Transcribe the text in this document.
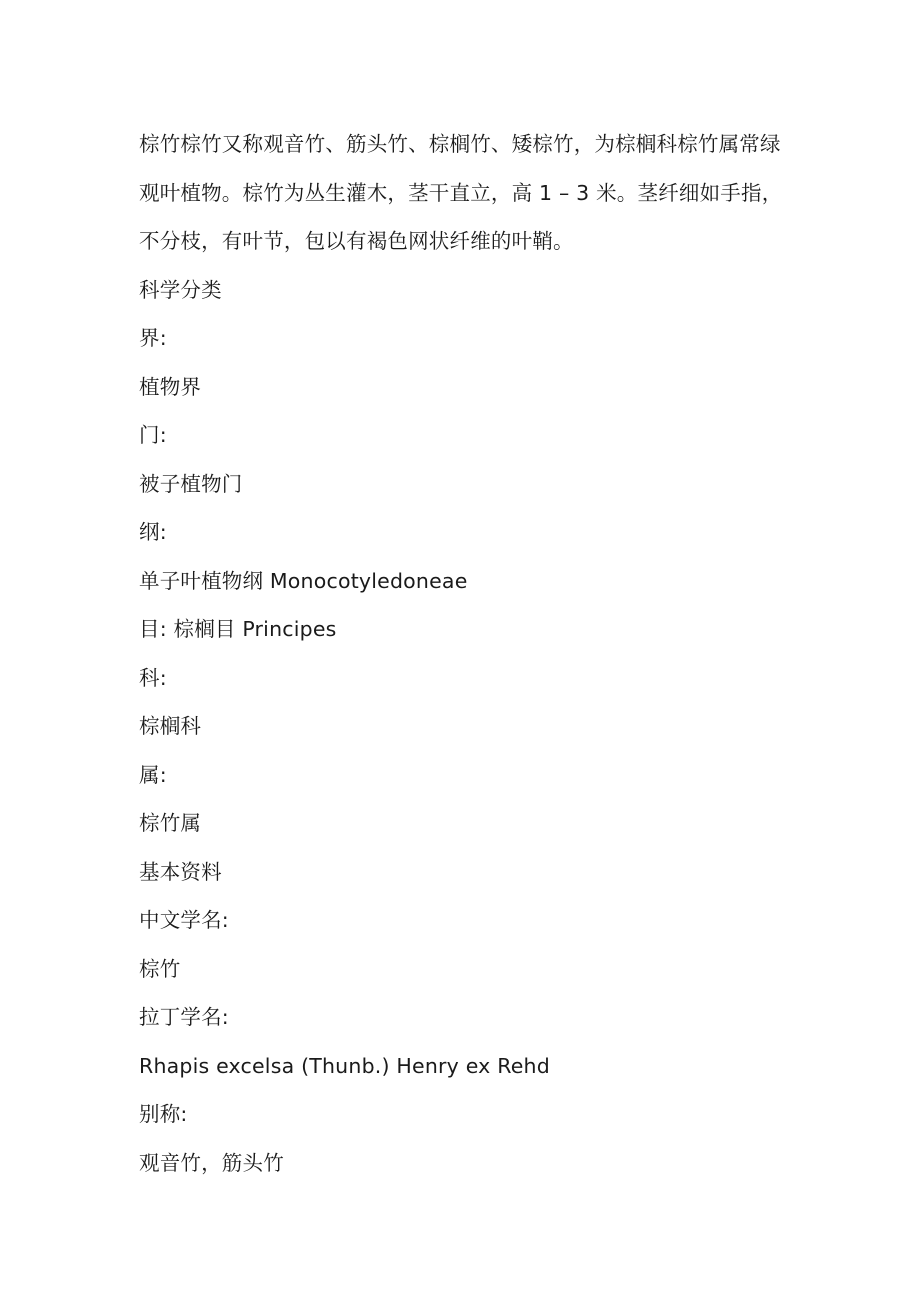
棕竹棕竹又称观音竹、筋头竹、棕榈竹、矮棕竹，为棕榈科棕竹属常绿观叶植物。棕竹为丛生灌木，茎干直立，高 1 – 3 米。茎纤细如手指，不分枝，有叶节，包以有褐色网状纤维的叶鞘。

科学分类

界:

植物界

门:

被子植物门

纲:

单子叶植物纲 Monocotyledoneae

目: 棕榈目 Principes

科:

棕榈科

属:

棕竹属

基本资料

中文学名:

棕竹

拉丁学名:

Rhapis excelsa (Thunb.) Henry ex Rehd

别称:

观音竹，筋头竹
